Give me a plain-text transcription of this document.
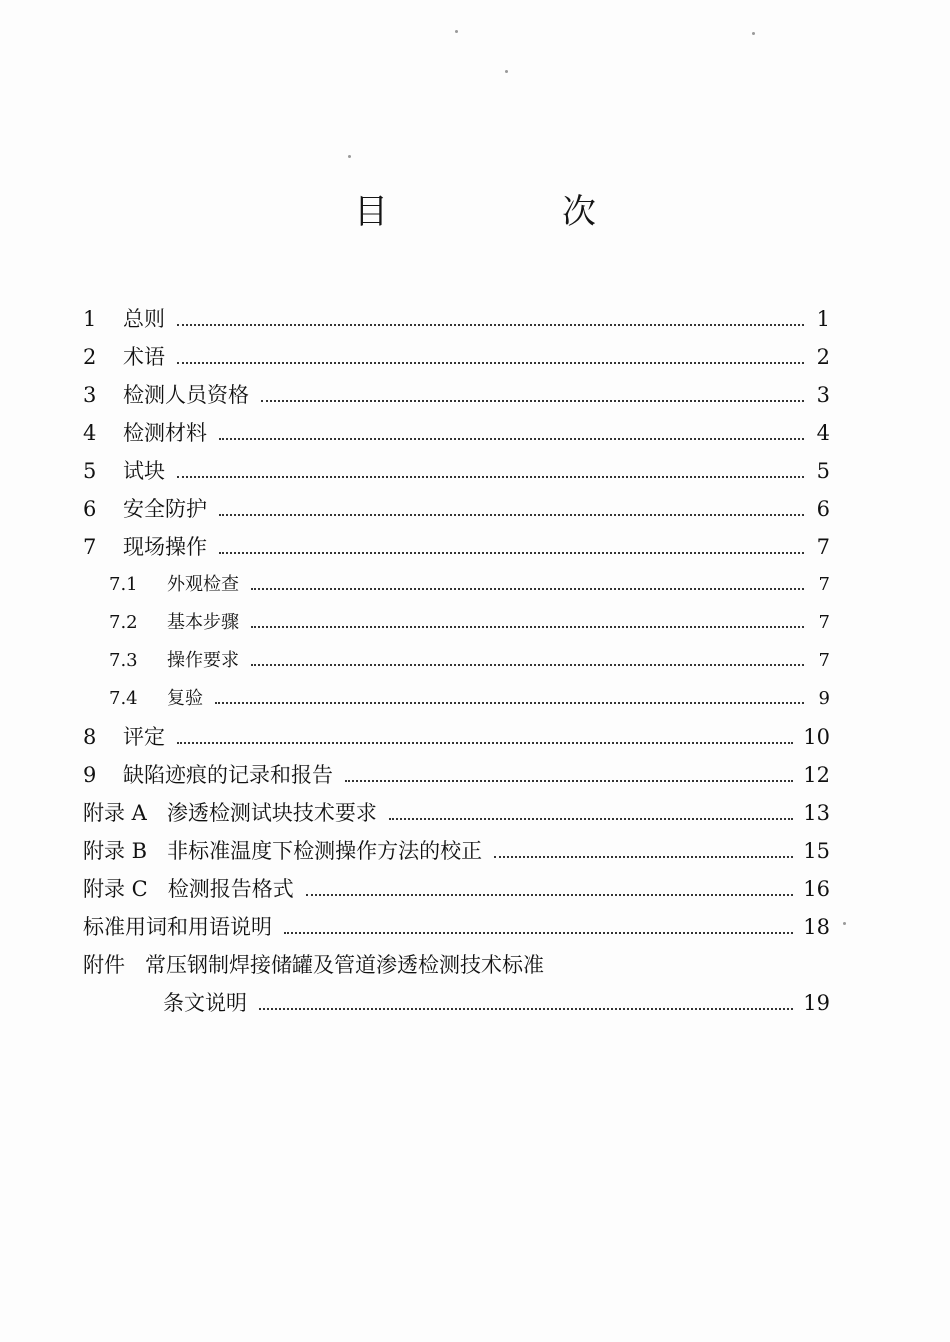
目　次
1	总则	1
2	术语	2
3	检测人员资格	3
4	检测材料	4
5	试块	5
6	安全防护	6
7	现场操作	7
7.1	外观检查	7
7.2	基本步骤	7
7.3	操作要求	7
7.4	复验	9
8	评定	10
9	缺陷迹痕的记录和报告	12
附录 A 渗透检测试块技术要求	13
附录 B 非标准温度下检测操作方法的校正	15
附录 C 检测报告格式	16
标准用词和用语说明	18
附件 常压钢制焊接储罐及管道渗透检测技术标准
条文说明	19
